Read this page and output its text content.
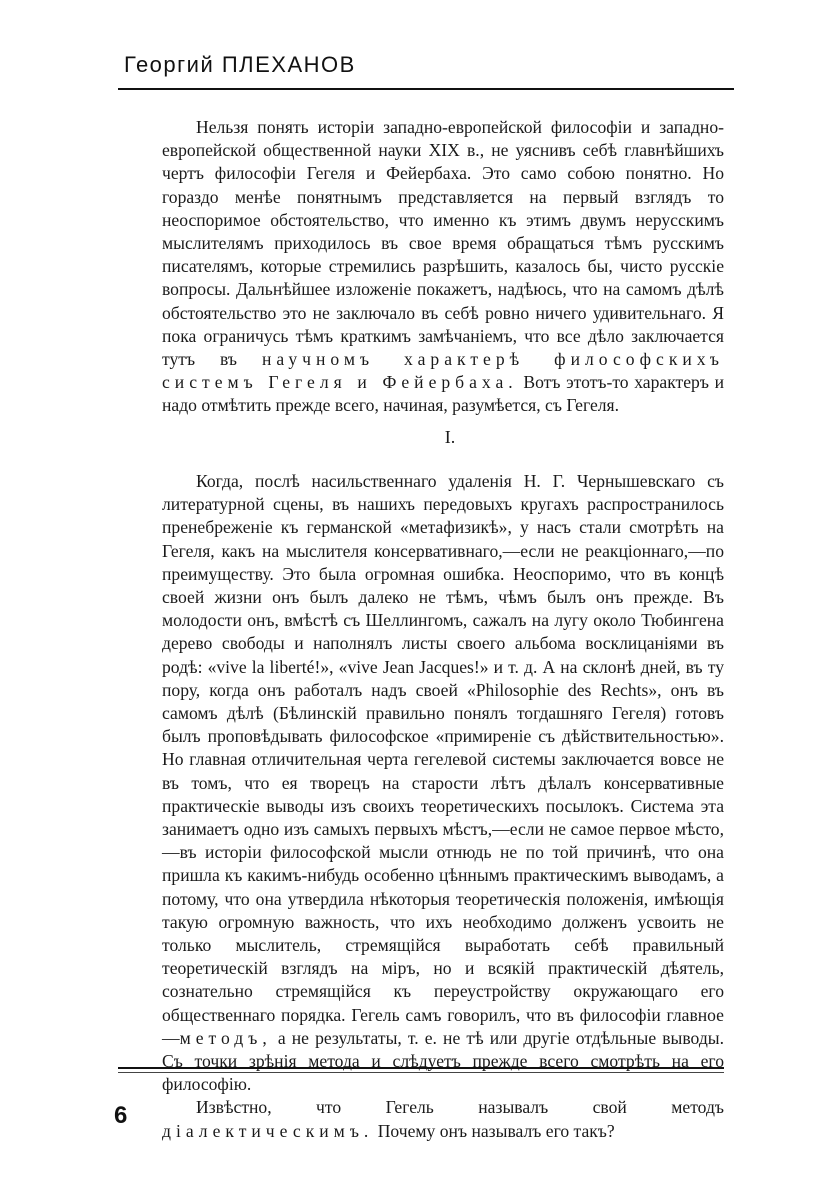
Георгий ПЛЕХАНОВ

Нельзя понять исторіи западно-европейской философіи и западно-европейской общественной науки XIX в., не уяснивъ себѣ главнѣйшихъ чертъ философіи Гегеля и Фейербаха. Это само собою понятно. Но гораздо менѣе понятнымъ представляется на первый взглядъ то неоспоримое обстоятельство, что именно къ этимъ двумъ нерусскимъ мыслителямъ приходилось въ свое время обращаться тѣмъ русскимъ писателямъ, которые стремились разрѣшить, казалось бы, чисто русскіе вопросы. Дальнѣйшее изложеніе покажетъ, надѣюсь, что на самомъ дѣлѣ обстоятельство это не заключало въ себѣ ровно ничего удивительнаго. Я пока ограничусь тѣмъ краткимъ замѣчаніемъ, что все дѣло заключается тутъ въ научномъ характерѣ философскихъ системъ Гегеля и Фейербаха. Вотъ этотъ-то характеръ и надо отмѣтить прежде всего, начиная, разумѣется, съ Гегеля.

I.

Когда, послѣ насильственнаго удаленія Н. Г. Чернышевскаго съ литературной сцены, въ нашихъ передовыхъ кругахъ распространилось пренебреженіе къ германской «метафизикѣ», у насъ стали смотрѣть на Гегеля, какъ на мыслителя консервативнаго,—если не реакціоннаго,—по преимуществу. Это была огромная ошибка. Неоспоримо, что въ концѣ своей жизни онъ былъ далеко не тѣмъ, чѣмъ былъ онъ прежде. Въ молодости онъ, вмѣстѣ съ Шеллингомъ, сажалъ на лугу около Тюбингена дерево свободы и наполнялъ листы своего альбома восклицаніями въ родѣ: «vive la liberté!», «vive Jean Jacques!» и т. д. А на склонѣ дней, въ ту пору, когда онъ работалъ надъ своей «Philosophie des Rechts», онъ въ самомъ дѣлѣ (Бѣлинскій правильно понялъ тогдашняго Гегеля) готовъ былъ проповѣдывать философское «примиреніе съ дѣйствительностью». Но главная отличительная черта гегелевой системы заключается вовсе не въ томъ, что ея творецъ на старости лѣтъ дѣлалъ консервативные практическіе выводы изъ своихъ теоретическихъ посылокъ. Система эта занимаетъ одно изъ самыхъ первыхъ мѣстъ,—если не самое первое мѣсто,—въ исторіи философской мысли отнюдь не по той причинѣ, что она пришла къ какимъ-нибудь особенно цѣннымъ практическимъ выводамъ, а потому, что она утвердила нѣкоторыя теоретическія положенія, имѣющія такую огромную важность, что ихъ необходимо долженъ усвоить не только мыслитель, стремящійся выработать себѣ правильный теоретическій взглядъ на міръ, но и всякій практическій дѣятель, сознательно стремящійся къ переустройству окружающаго его общественнаго порядка. Гегель самъ говорилъ, что въ философіи главное—методъ, а не результаты, т. е. не тѣ или другіе отдѣльные выводы. Съ точки зрѣнія метода и слѣдуетъ прежде всего смотрѣть на его философію.

Извѣстно, что Гегель называлъ свой методъ діалектическимъ. Почему онъ называлъ его такъ?

6
